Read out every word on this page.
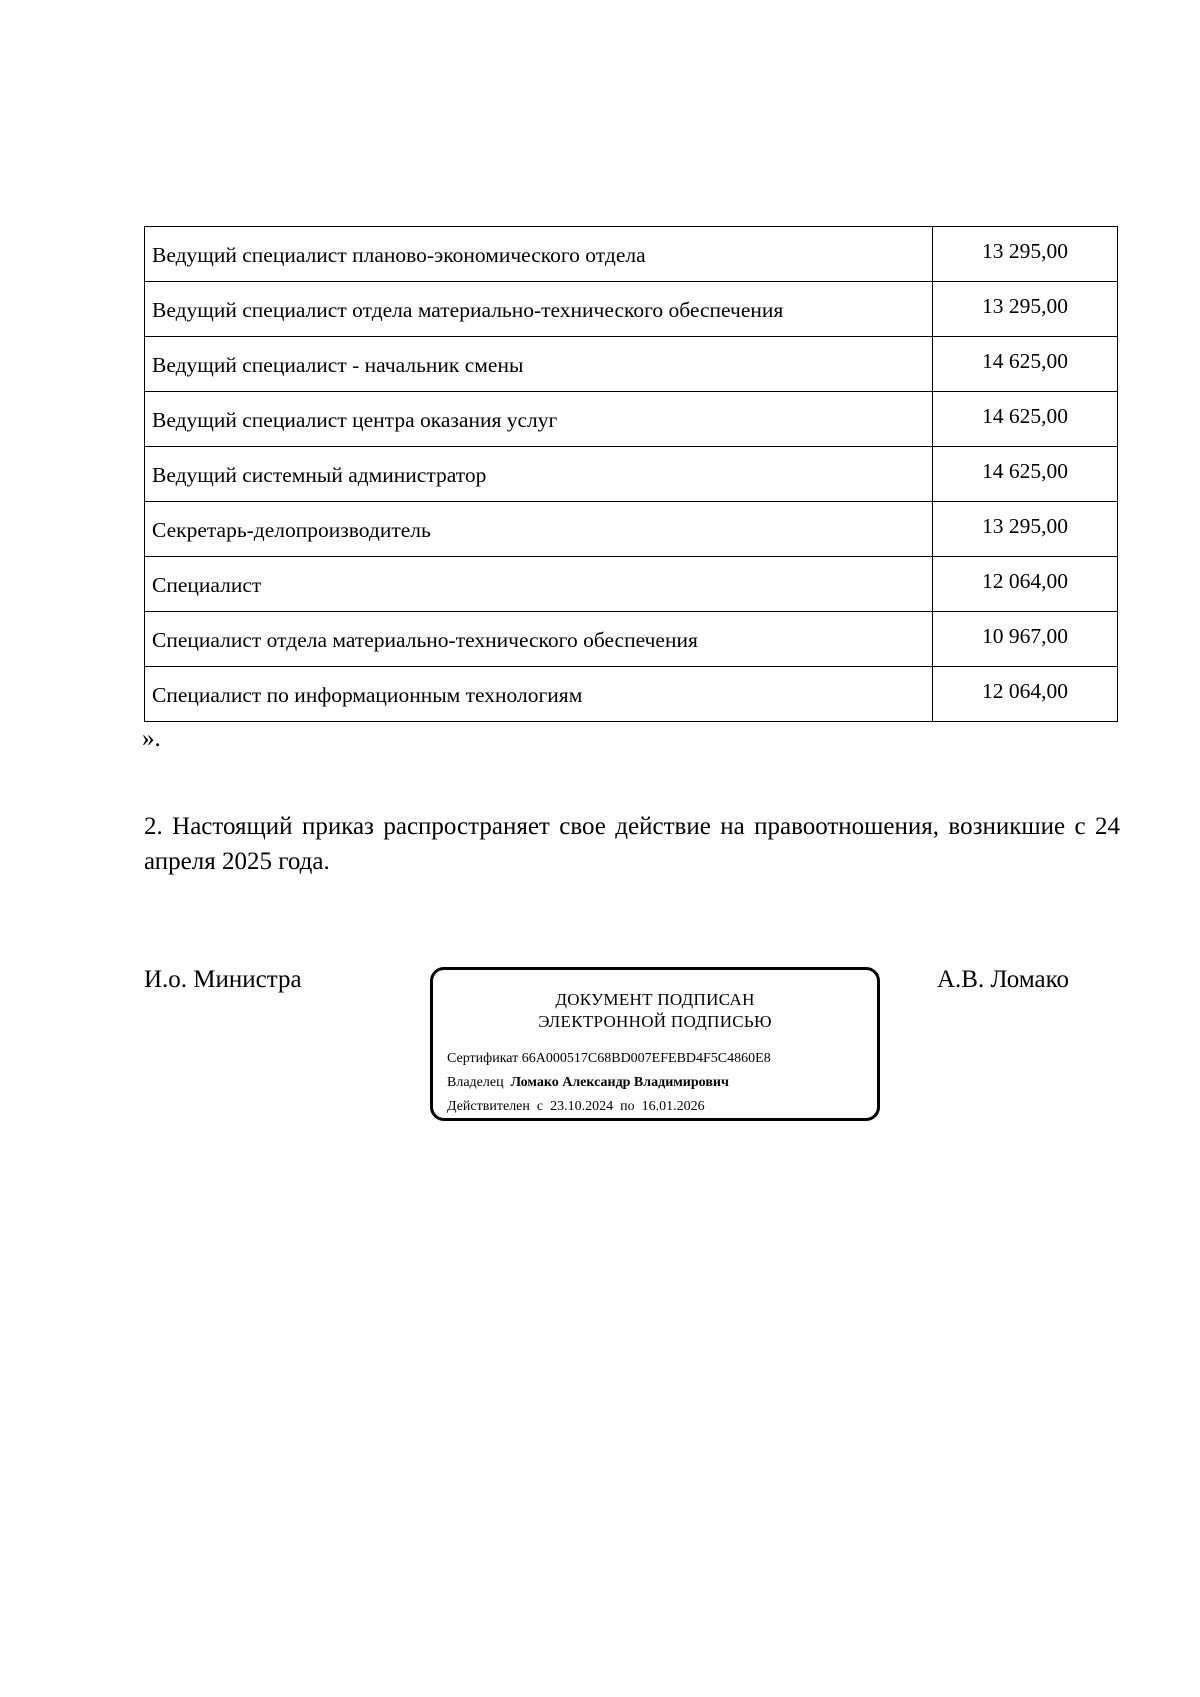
Ведущий специалист планово-экономического отдела	13 295,00
Ведущий специалист отдела материально-технического обеспечения	13 295,00
Ведущий специалист - начальник смены	14 625,00
Ведущий специалист центра оказания услуг	14 625,00
Ведущий системный администратор	14 625,00
Секретарь-делопроизводитель	13 295,00
Специалист	12 064,00
Специалист отдела материально-технического обеспечения	10 967,00
Специалист по информационным технологиям	12 064,00
».

2. Настоящий приказ распространяет свое действие на правоотношения, возникшие с 24 апреля 2025 года.

И.о. Министра
ДОКУМЕНТ ПОДПИСАН
ЭЛЕКТРОННОЙ ПОДПИСЬЮ
Сертификат 66A000517C68BD007EFEBD4F5C4860E8
Владелец Ломако Александр Владимирович
Действителен с 23.10.2024 по 16.01.2026
А.В. Ломако
